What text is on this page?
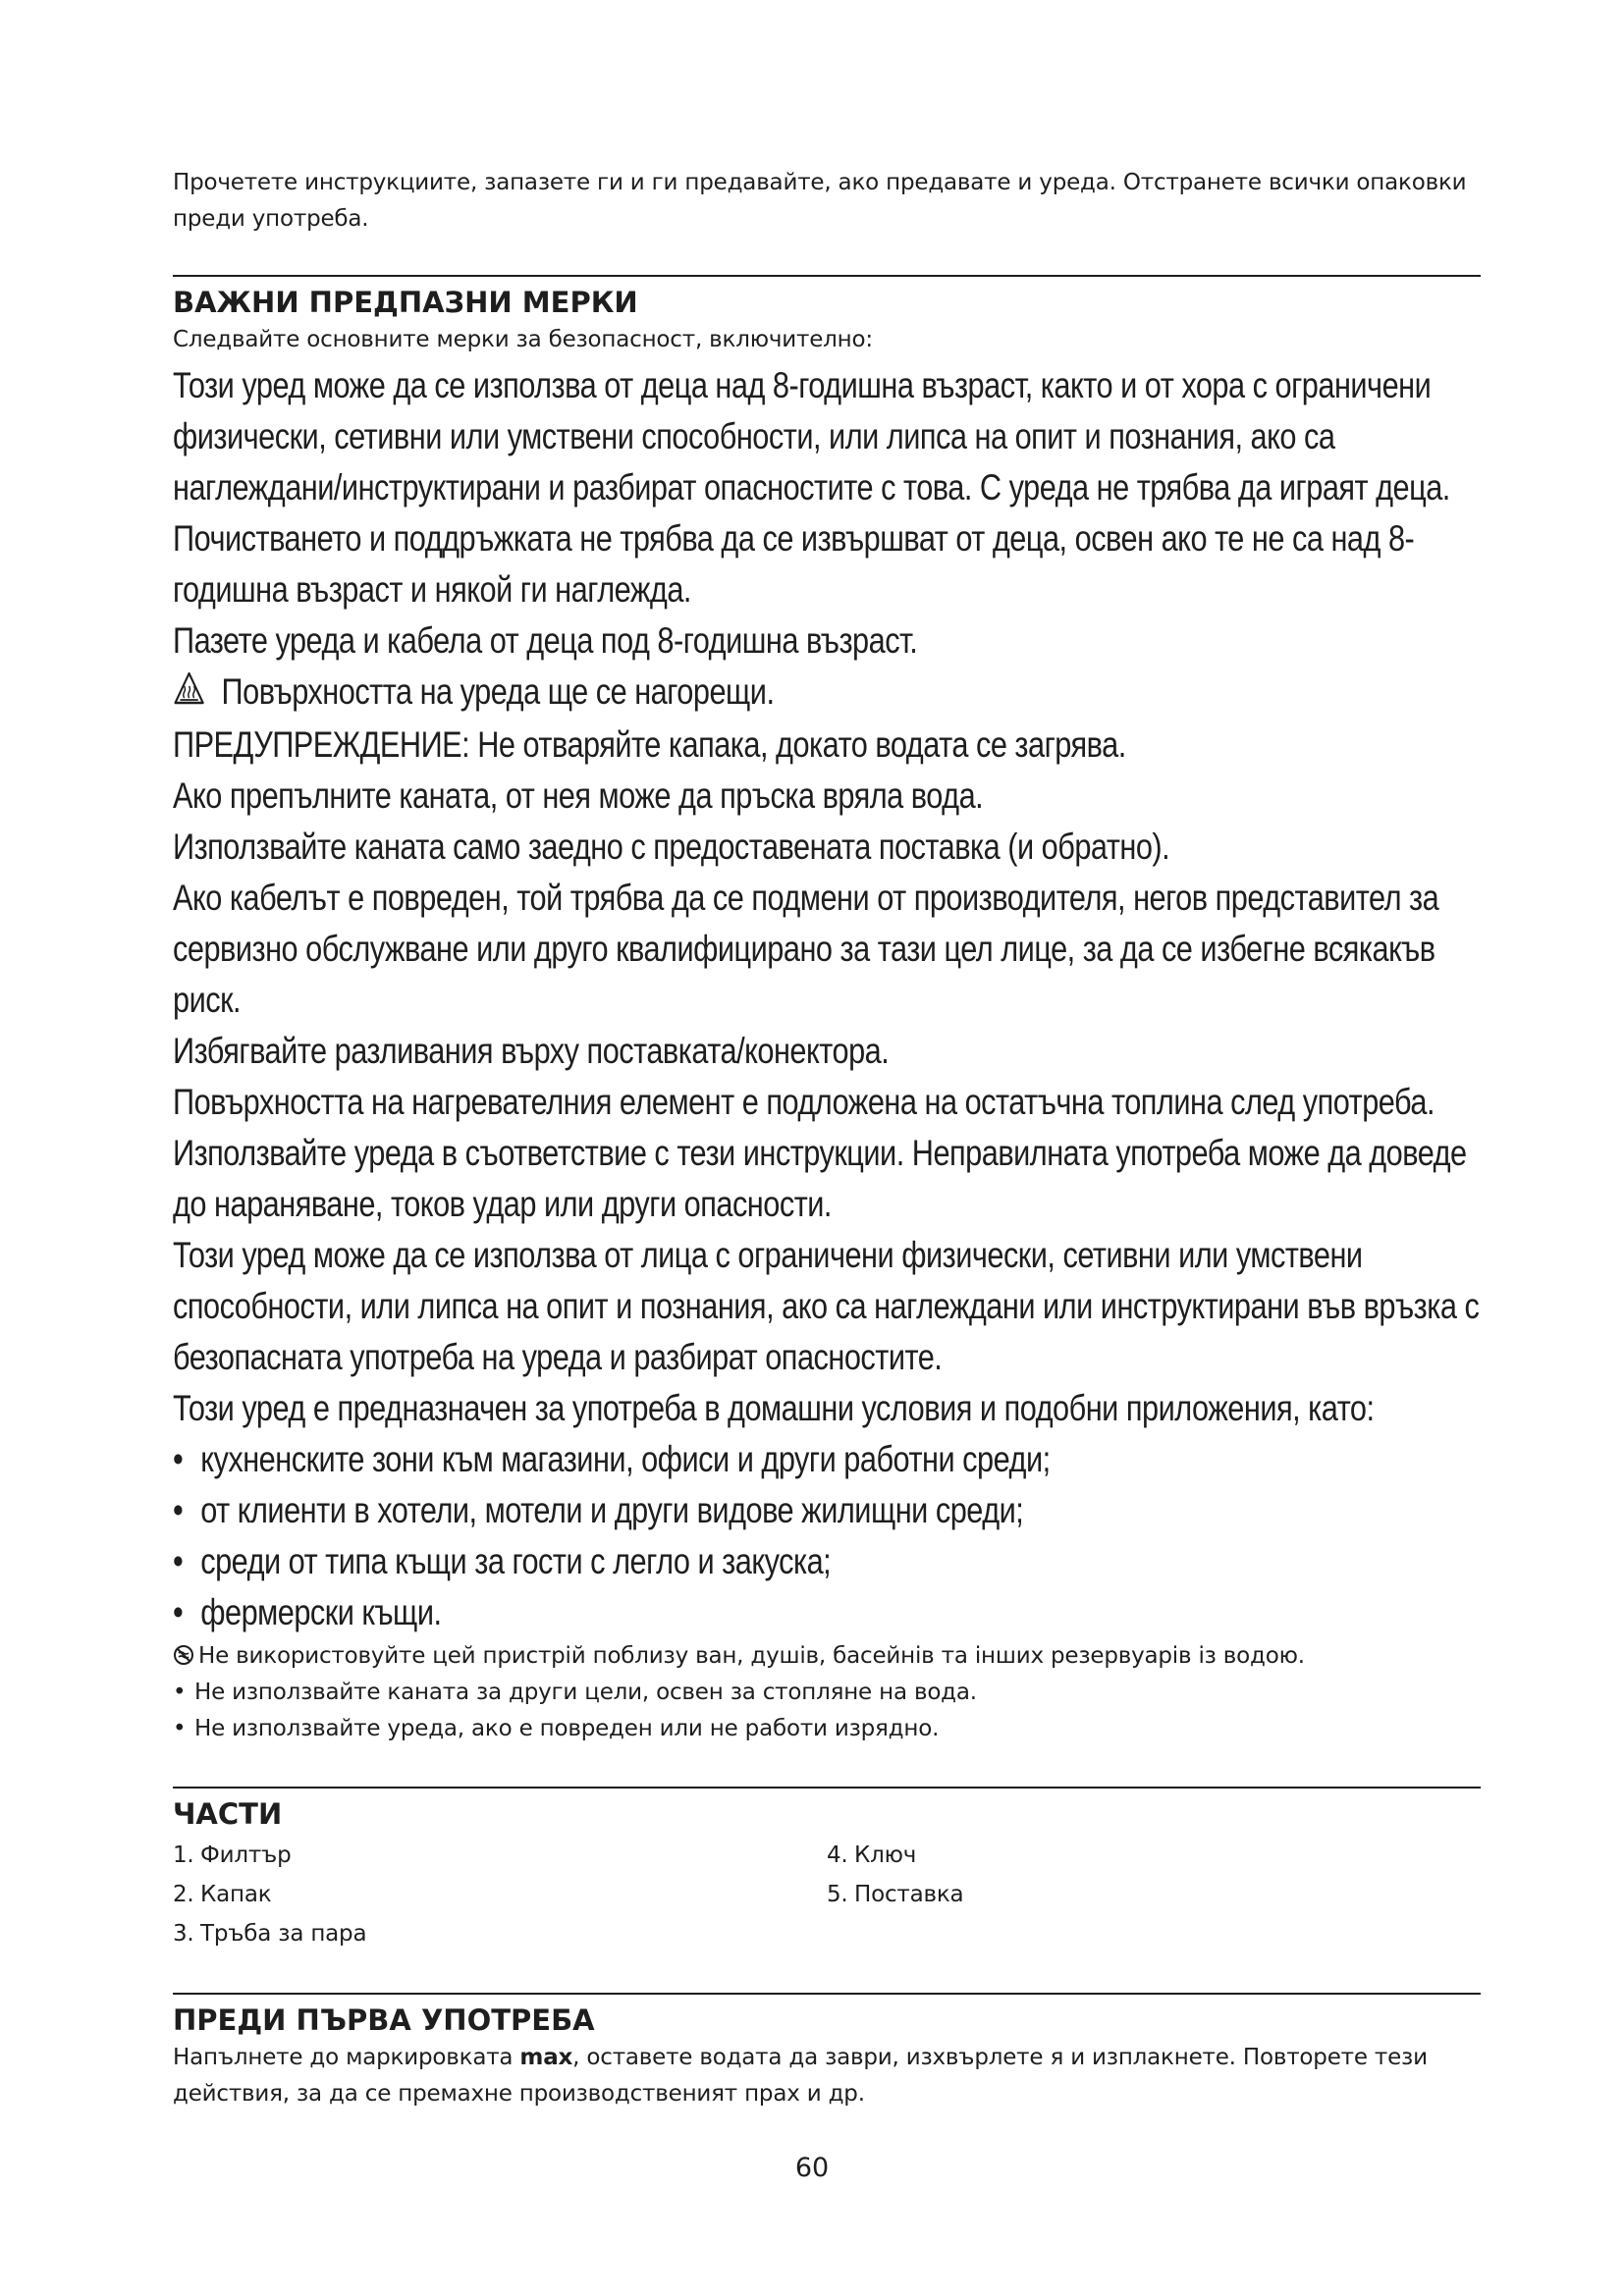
Прочетете инструкциите, запазете ги и ги предавайте, ако предавате и уреда. Отстранете всички опаковки преди употреба.

ВАЖНИ ПРЕДПАЗНИ МЕРКИ

Следвайте основните мерки за безопасност, включително:

Този уред може да се използва от деца над 8-годишна възраст, както и от хора с ограничени физически, сетивни или умствени способности, или липса на опит и познания, ако са наглеждани/инструктирани и разбират опасностите с това. С уреда не трябва да играят деца. Почистването и поддръжката не трябва да се извършват от деца, освен ако те не са над 8-годишна възраст и някой ги наглежда.

Пазете уреда и кабела от деца под 8-годишна възраст.

Повърхността на уреда ще се нагорещи.

ПРЕДУПРЕЖДЕНИЕ: Не отваряйте капака, докато водата се загрява.

Ако препълните каната, от нея може да пръска вряла вода.

Използвайте каната само заедно с предоставената поставка (и обратно).

Ако кабелът е повреден, той трябва да се подмени от производителя, негов представител за сервизно обслужване или друго квалифицирано за тази цел лице, за да се избегне всякакъв риск.

Избягвайте разливания върху поставката/конектора.

Повърхността на нагревателния елемент е подложена на остатъчна топлина след употреба.

Използвайте уреда в съответствие с тези инструкции. Неправилната употреба може да доведе до нараняване, токов удар или други опасности.

Този уред може да се използва от лица с ограничени физически, сетивни или умствени способности, или липса на опит и познания, ако са наглеждани или инструктирани във връзка с безопасната употреба на уреда и разбират опасностите.

Този уред е предназначен за употреба в домашни условия и подобни приложения, като:

• кухненските зони към магазини, офиси и други работни среди;
• от клиенти в хотели, мотели и други видове жилищни среди;
• среди от типа къщи за гости с легло и закуска;
• фермерски къщи.

Не використовуйте цей пристрій поблизу ван, душів, басейнів та інших резервуарів із водою.

• Не използвайте каната за други цели, освен за стопляне на вода.

• Не използвайте уреда, ако е повреден или не работи изрядно.

ЧАСТИ

1. Филтър

2. Капак

3. Тръба за пара

4. Ключ

5. Поставка

ПРЕДИ ПЪРВА УПОТРЕБА

Напълнете до маркировката max, оставете водата да заври, изхвърлете я и изплакнете. Повторете тези действия, за да се премахне производственият прах и др.

60
